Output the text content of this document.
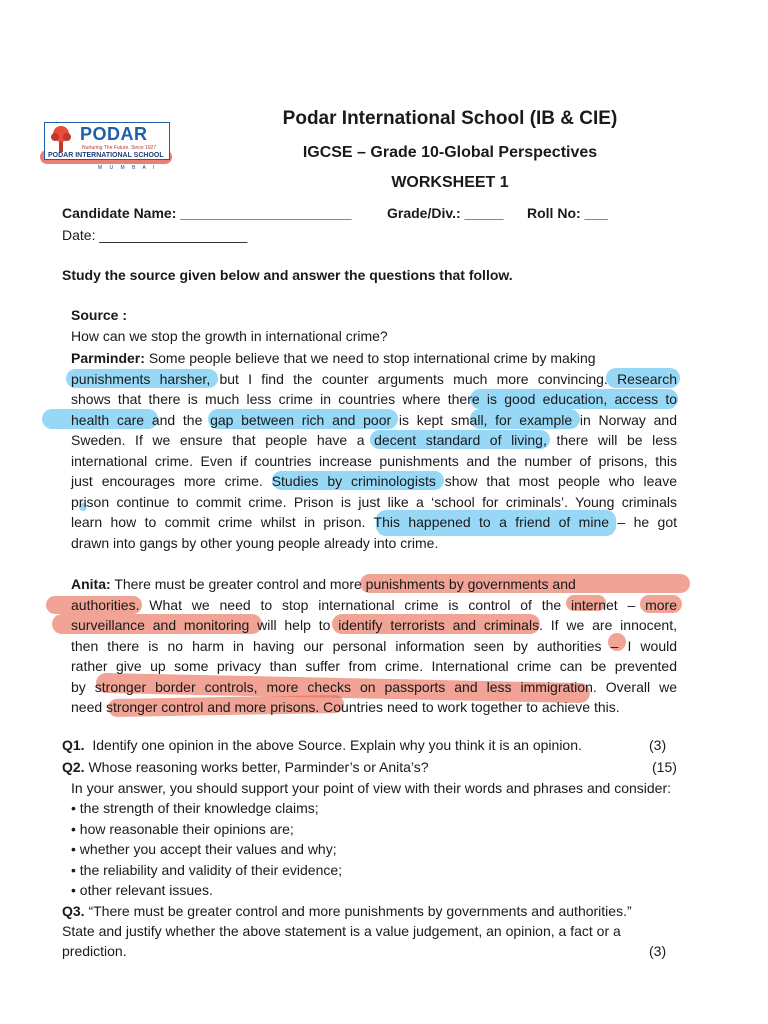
PODAR
Nurturing The Future. Since 1927
PODAR INTERNATIONAL SCHOOL
M U M B A I
Podar International School (IB & CIE)
IGCSE – Grade 10-Global Perspectives
WORKSHEET 1
Candidate Name: ______________________	Grade/Div.: _____ Roll No: ___
Date: ___________________
Study the source given below and answer the questions that follow.
Source :
How can we stop the growth in international crime?
Parminder: Some people believe that we need to stop international crime by making
punishments harsher, but I find the counter arguments much more convincing. Research
shows that there is much less crime in countries where there is good education, access to
health care and the gap between rich and poor is kept small, for example in Norway and
Sweden. If we ensure that people have a decent standard of living, there will be less
international crime. Even if countries increase punishments and the number of prisons, this
just encourages more crime. Studies by criminologists show that most people who leave
prison continue to commit crime. Prison is just like a ‘school for criminals’. Young criminals
learn how to commit crime whilst in prison. This happened to a friend of mine – he got
drawn into gangs by other young people already into crime.
Anita: There must be greater control and more punishments by governments and
authorities. What we need to stop international crime is control of the internet – more
surveillance and monitoring will help to identify terrorists and criminals. If we are innocent,
then there is no harm in having our personal information seen by authorities – I would
rather give up some privacy than suffer from crime. International crime can be prevented
by stronger border controls, more checks on passports and less immigration. Overall we
need stronger control and more prisons. Countries need to work together to achieve this.
Q1. Identify one opinion in the above Source. Explain why you think it is an opinion.	(3)
Q2. Whose reasoning works better, Parminder’s or Anita’s?	(15)
In your answer, you should support your point of view with their words and phrases and consider:
• the strength of their knowledge claims;
• how reasonable their opinions are;
• whether you accept their values and why;
• the reliability and validity of their evidence;
• other relevant issues.
Q3. “There must be greater control and more punishments by governments and authorities.”
State and justify whether the above statement is a value judgement, an opinion, a fact or a
prediction.	(3)
